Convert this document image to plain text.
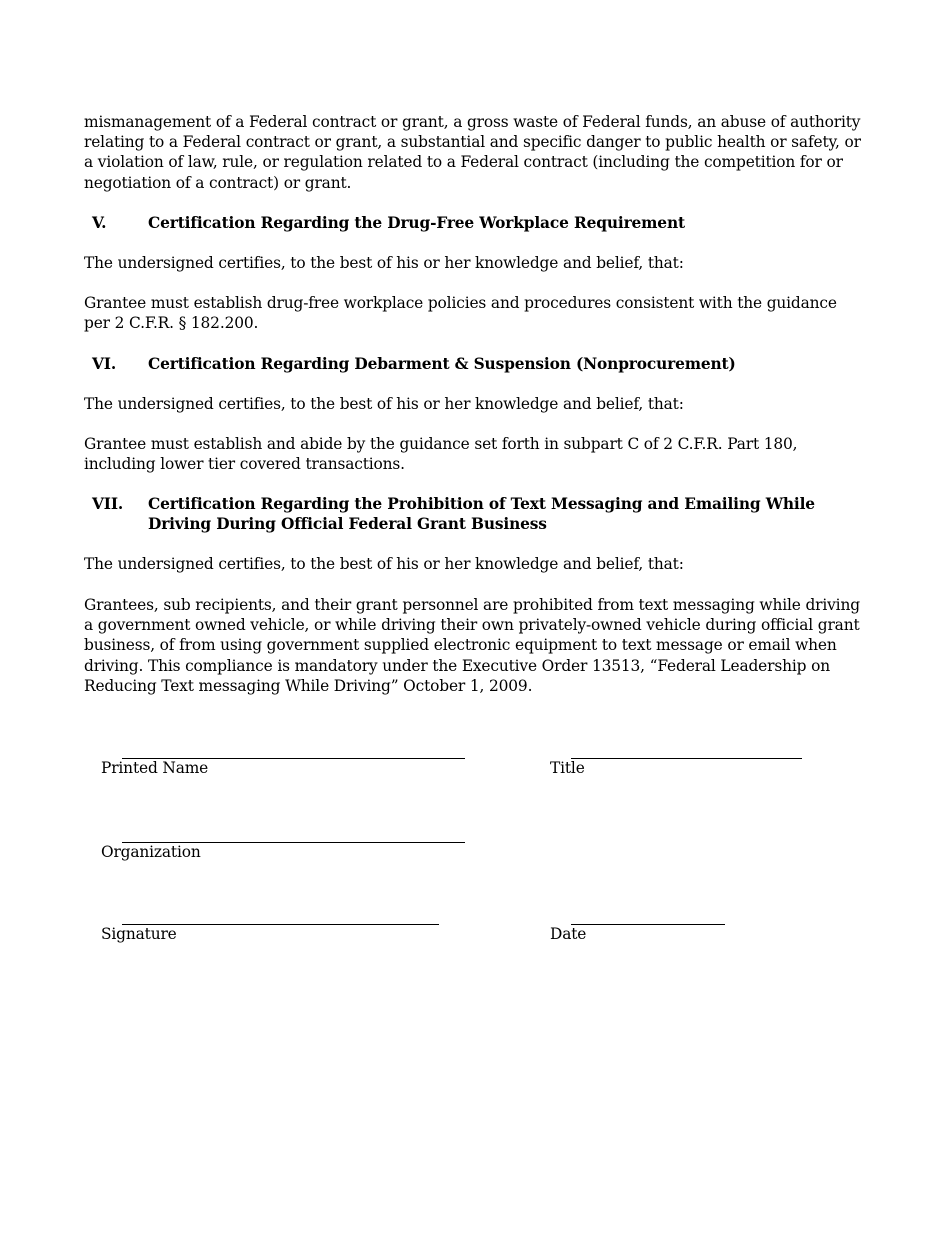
mismanagement of a Federal contract or grant, a gross waste of Federal funds, an abuse of authority relating to a Federal contract or grant, a substantial and specific danger to public health or safety, or a violation of law, rule, or regulation related to a Federal contract (including the competition for or negotiation of a contract) or grant.

V.	Certification Regarding the Drug-Free Workplace Requirement

The undersigned certifies, to the best of his or her knowledge and belief, that:

Grantee must establish drug-free workplace policies and procedures consistent with the guidance per 2 C.F.R. § 182.200.

VI. Certification Regarding Debarment & Suspension (Nonprocurement)

The undersigned certifies, to the best of his or her knowledge and belief, that:

Grantee must establish and abide by the guidance set forth in subpart C of 2 C.F.R. Part 180, including lower tier covered transactions.

VII. Certification Regarding the Prohibition of Text Messaging and Emailing While Driving During Official Federal Grant Business

The undersigned certifies, to the best of his or her knowledge and belief, that:

Grantees, sub recipients, and their grant personnel are prohibited from text messaging while driving a government owned vehicle, or while driving their own privately-owned vehicle during official grant business, of from using government supplied electronic equipment to text message or email when driving. This compliance is mandatory under the Executive Order 13513, “Federal Leadership on Reducing Text messaging While Driving” October 1, 2009.

Printed Name	Title
Organization
Signature	Date
